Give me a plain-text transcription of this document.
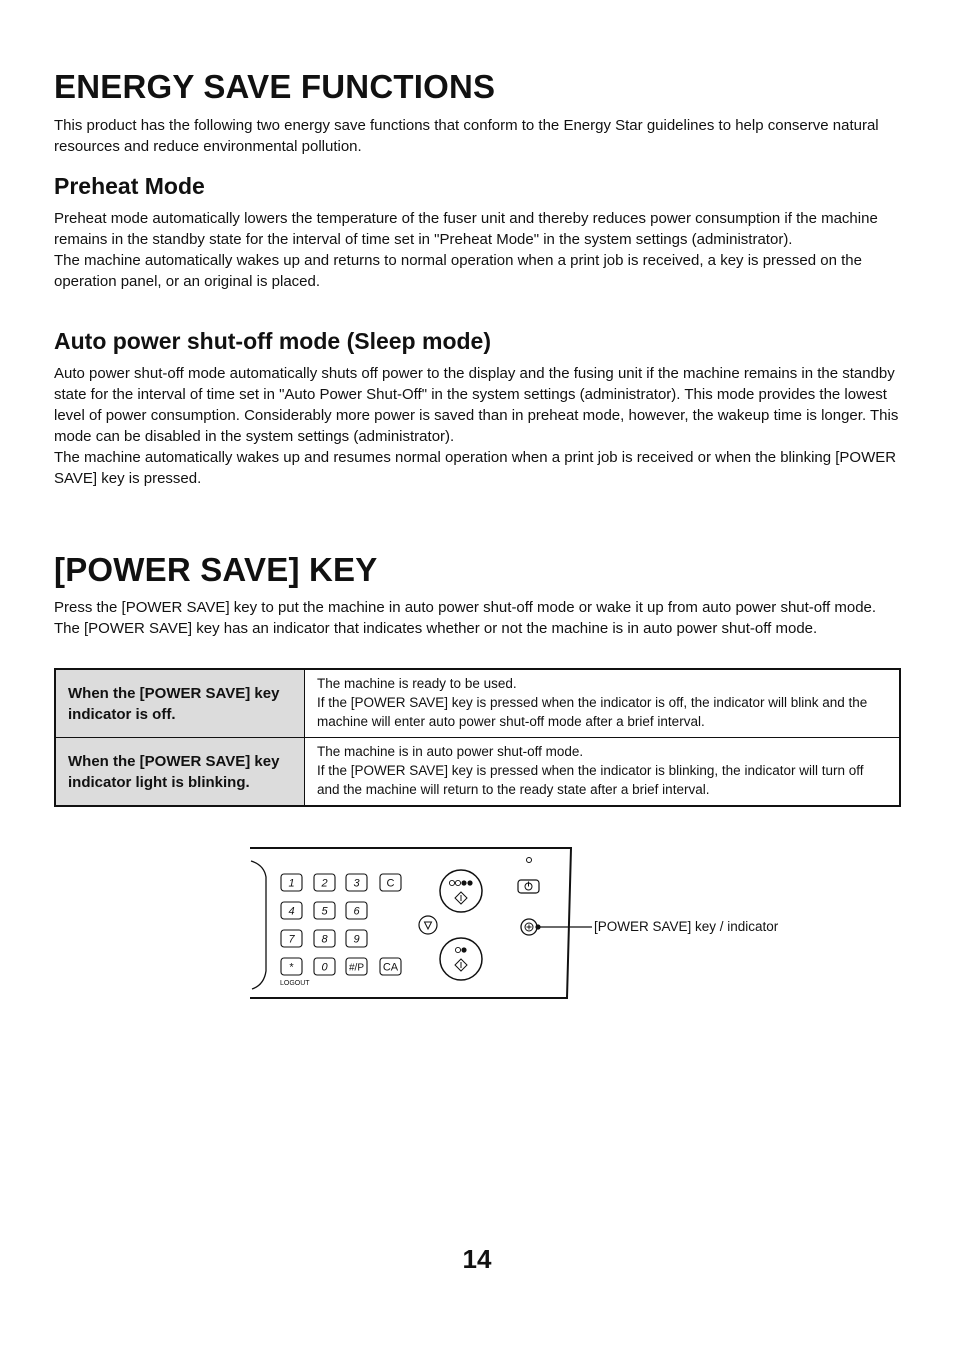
ENERGY SAVE FUNCTIONS

This product has the following two energy save functions that conform to the Energy Star guidelines to help conserve natural resources and reduce environmental pollution.

Preheat Mode

Preheat mode automatically lowers the temperature of the fuser unit and thereby reduces power consumption if the machine remains in the standby state for the interval of time set in "Preheat Mode" in the system settings (administrator).
The machine automatically wakes up and returns to normal operation when a print job is received, a key is pressed on the operation panel, or an original is placed.

Auto power shut-off mode (Sleep mode)

Auto power shut-off mode automatically shuts off power to the display and the fusing unit if the machine remains in the standby state for the interval of time set in "Auto Power Shut-Off" in the system settings (administrator). This mode provides the lowest level of power consumption. Considerably more power is saved than in preheat mode, however, the wakeup time is longer. This mode can be disabled in the system settings (administrator).
The machine automatically wakes up and resumes normal operation when a print job is received or when the blinking [POWER SAVE] key is pressed.

[POWER SAVE] KEY

Press the [POWER SAVE] key to put the machine in auto power shut-off mode or wake it up from auto power shut-off mode. The [POWER SAVE] key has an indicator that indicates whether or not the machine is in auto power shut-off mode.

When the [POWER SAVE] key indicator is off.	The machine is ready to be used.
If the [POWER SAVE] key is pressed when the indicator is off, the indicator will blink and the machine will enter auto power shut-off mode after a brief interval.
When the [POWER SAVE] key indicator light is blinking.	The machine is in auto power shut-off mode.
If the [POWER SAVE] key is pressed when the indicator is blinking, the indicator will turn off and the machine will return to the ready state after a brief interval.
1 2 3 C
4 5 6
7 8 9
*	0 #/P CA
LOGOUT
[POWER SAVE] key / indicator
14
